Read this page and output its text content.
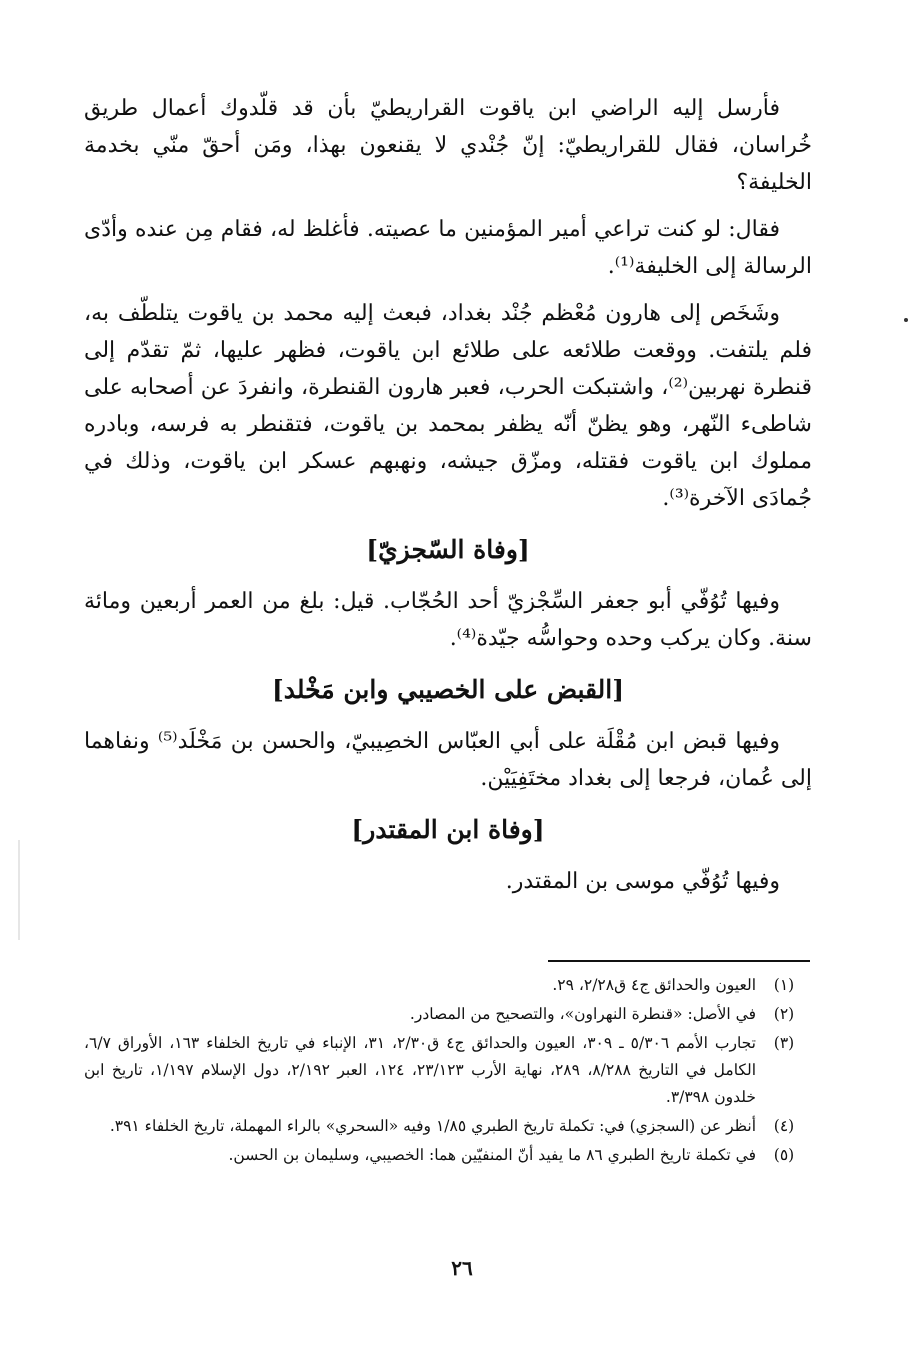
فأرسل إليه الراضي ابن ياقوت القراريطيّ بأن قد قلّدوك أعمال طريق خُراسان، فقال للقراريطيّ: إنّ جُنْدي لا يقنعون بهذا، ومَن أحقّ منّي بخدمة الخليفة؟

فقال: لو كنت تراعي أمير المؤمنين ما عصيته. فأغلظ له، فقام مِن عنده وأدّى الرسالة إلى الخليفة⁽¹⁾.

وشَخَص إلى هارون مُعْظم جُنْد بغداد، فبعث إليه محمد بن ياقوت يتلطّف به، فلم يلتفت. ووقعت طلائعه على طلائع ابن ياقوت، فظهر عليها، ثمّ تقدّم إلى قنطرة نهربين⁽²⁾، واشتبكت الحرب، فعبر هارون القنطرة، وانفردَ عن أصحابه على شاطىء النّهر، وهو يظنّ أنّه يظفر بمحمد بن ياقوت، فتقنطر به فرسه، وبادره مملوك ابن ياقوت فقتله، ومزّق جيشه، ونهبهم عسكر ابن ياقوت، وذلك في جُمادَى الآخرة⁽³⁾.

[وفاة السّجزيّ]

وفيها تُوُفّي أبو جعفر السِّجْزيّ أحد الحُجّاب. قيل: بلغ من العمر أربعين ومائة سنة. وكان يركب وحده وحواسُّه جيّدة⁽⁴⁾.

[القبض على الخصيبي وابن مَخْلد]

وفيها قبض ابن مُقْلَة على أبي العبّاس الخصِيبيّ، والحسن بن مَخْلَد⁽⁵⁾ ونفاهما إلى عُمان، فرجعا إلى بغداد مختَفِيَيْن.

[وفاة ابن المقتدر]

وفيها تُوُفّي موسى بن المقتدر.

(١)
العيون والحدائق ج٤ ق٢/٢٨، ٢٩.
(٢)
في الأصل: «قنطرة النهراون»، والتصحيح من المصادر.
(٣)
تجارب الأمم ٥/٣٠٦ ـ ٣٠٩، العيون والحدائق ج٤ ق٢/٣٠، ٣١، الإنباء في تاريخ الخلفاء ١٦٣، الأوراق ٦/٧، الكامل في التاريخ ٨/٢٨٨، ٢٨٩، نهاية الأرب ٢٣/١٢٣، ١٢٤، العبر ٢/١٩٢، دول الإسلام ١/١٩٧، تاريخ ابن خلدون ٣/٣٩٨.
(٤)
أنظر عن (السجزي) في: تكملة تاريخ الطبري ١/٨٥ وفيه «السحري» بالراء المهملة، تاريخ الخلفاء ٣٩١.
(٥)
في تكملة تاريخ الطبري ٨٦ ما يفيد أنّ المنفيّين هما: الخصيبي، وسليمان بن الحسن.
٢٦
